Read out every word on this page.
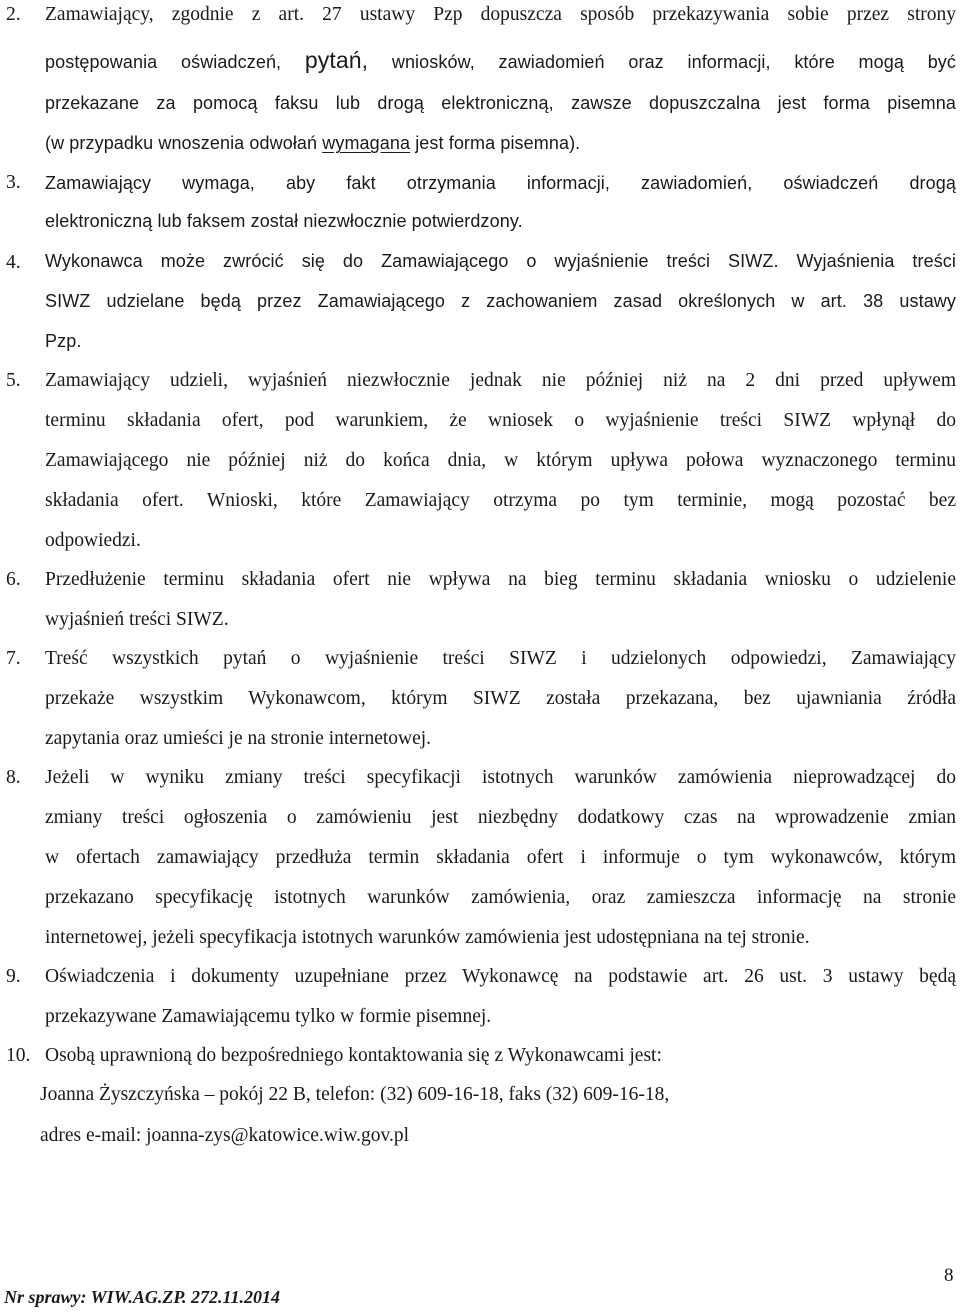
2. Zamawiający, zgodnie z art. 27 ustawy Pzp dopuszcza sposób przekazywania sobie przez strony
postępowania oświadczeń, pytań, wniosków, zawiadomień oraz informacji, które mogą być
przekazane za pomocą faksu lub drogą elektroniczną, zawsze dopuszczalna jest forma pisemna
(w przypadku wnoszenia odwołań wymagana jest forma pisemna).
3. Zamawiający wymaga, aby fakt otrzymania informacji, zawiadomień, oświadczeń drogą
elektroniczną lub faksem został niezwłocznie potwierdzony.
4. Wykonawca może zwrócić się do Zamawiającego o wyjaśnienie treści SIWZ. Wyjaśnienia treści
SIWZ udzielane będą przez Zamawiającego z zachowaniem zasad określonych w art. 38 ustawy
Pzp.
5. Zamawiający udzieli, wyjaśnień niezwłocznie jednak nie później niż na 2 dni przed upływem
terminu składania ofert, pod warunkiem, że wniosek o wyjaśnienie treści SIWZ wpłynął do
Zamawiającego nie później niż do końca dnia, w którym upływa połowa wyznaczonego terminu
składania ofert. Wnioski, które Zamawiający otrzyma po tym terminie, mogą pozostać bez
odpowiedzi.
6. Przedłużenie terminu składania ofert nie wpływa na bieg terminu składania wniosku o udzielenie
wyjaśnień treści SIWZ.
7. Treść wszystkich pytań o wyjaśnienie treści SIWZ i udzielonych odpowiedzi, Zamawiający
przekaże wszystkim Wykonawcom, którym SIWZ została przekazana, bez ujawniania źródła
zapytania oraz umieści je na stronie internetowej.
8. Jeżeli w wyniku zmiany treści specyfikacji istotnych warunków zamówienia nieprowadzącej do
zmiany treści ogłoszenia o zamówieniu jest niezbędny dodatkowy czas na wprowadzenie zmian
w ofertach zamawiający przedłuża termin składania ofert i informuje o tym wykonawców, którym
przekazano specyfikację istotnych warunków zamówienia, oraz zamieszcza informację na stronie
internetowej, jeżeli specyfikacja istotnych warunków zamówienia jest udostępniana na tej stronie.
9. Oświadczenia i dokumenty uzupełniane przez Wykonawcę na podstawie art. 26 ust. 3 ustawy będą
przekazywane Zamawiającemu tylko w formie pisemnej.
10. Osobą uprawnioną do bezpośredniego kontaktowania się z Wykonawcami jest:
Joanna Żyszczyńska – pokój 22 B, telefon: (32) 609-16-18, faks (32) 609-16-18,
adres e-mail: joanna-zys@katowice.wiw.gov.pl
8
Nr sprawy: WIW.AG.ZP. 272.11.2014
